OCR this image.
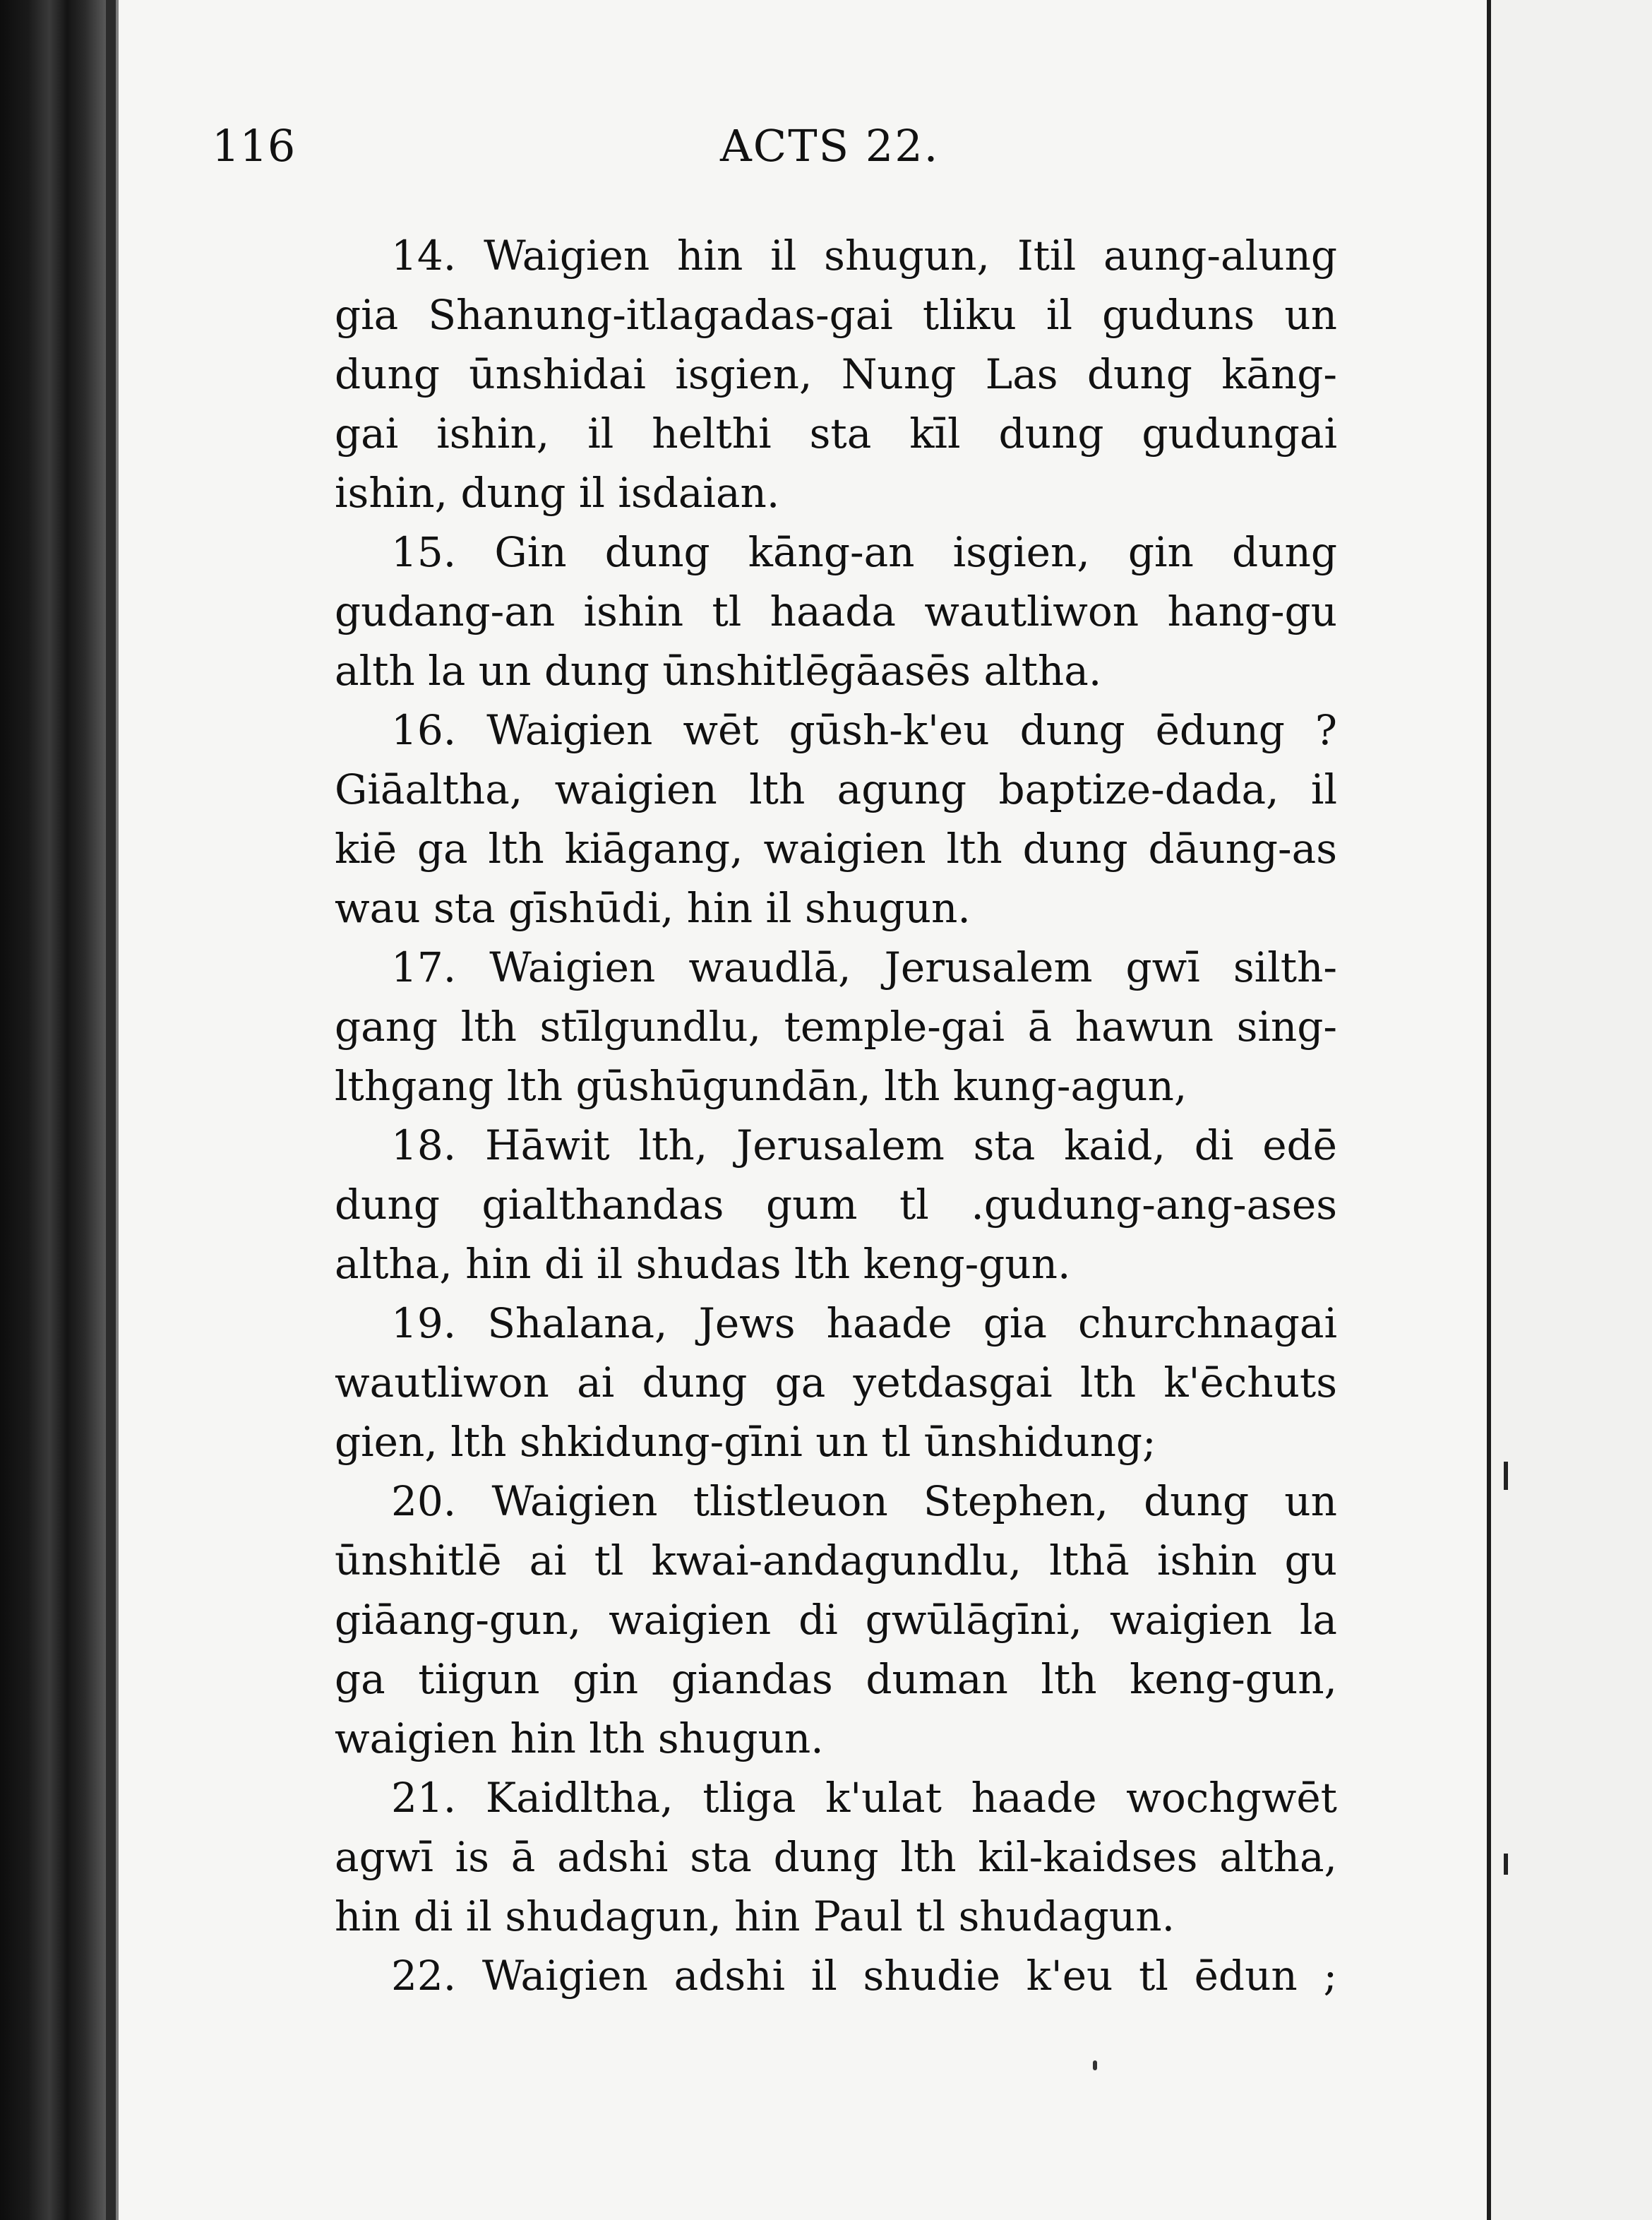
116	ACTS 22.
14. Waigien hin il shugun, Itil aung-alung
gia Shanung-itlagadas-gai tliku il guduns un
dung ūnshidai isgien, Nung Las dung kāng-
gai ishin, il helthi sta kīl dung gudungai
ishin, dung il isdaian.
15. Gin dung kāng-an isgien, gin dung
gudang-an ishin tl haada wautliwon hang-gu
alth la un dung ūnshitlēgāasēs altha.
16. Waigien wēt gūsh-k'eu dung ēdung ?
Giāaltha, waigien lth agung baptize-dada, il
kiē ga lth kiāgang, waigien lth dung dāung-as
wau sta gīshūdi, hin il shugun.
17. Waigien waudlā, Jerusalem gwī silth-
gang lth stīlgundlu, temple-gai ā hawun sing-
lthgang lth gūshūgundān, lth kung-agun,
18. Hāwit lth, Jerusalem sta kaid, di edē
dung gialthandas gum tl .gudung-ang-ases
altha, hin di il shudas lth keng-gun.
19. Shalana, Jews haade gia churchnagai
wautliwon ai dung ga yetdasgai lth k'ēchuts
gien, lth shkidung-gīni un tl ūnshidung;
20. Waigien tlistleuon Stephen, dung un
ūnshitlē ai tl kwai-andagundlu, lthā ishin gu
giāang-gun, waigien di gwūlāgīni, waigien la
ga tiigun gin giandas duman lth keng-gun,
waigien hin lth shugun.
21. Kaidltha, tliga k'ulat haade wochgwēt
agwī is ā adshi sta dung lth kil-kaidses altha,
hin di il shudagun, hin Paul tl shudagun.
22. Waigien adshi il shudie k'eu tl ēdun ;
